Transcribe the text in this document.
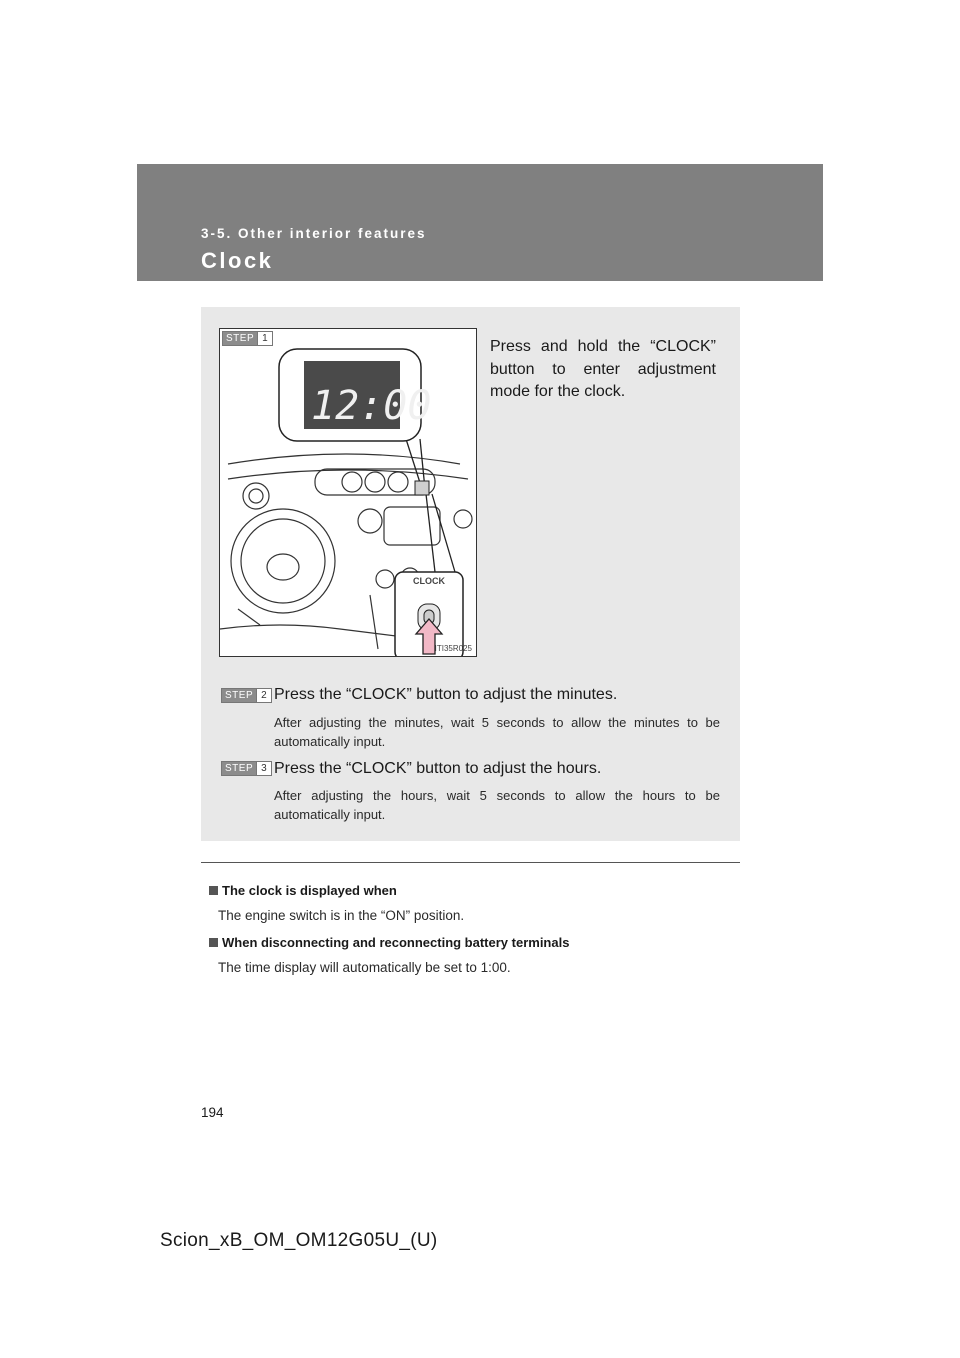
3-5. Other interior features
Clock
STEP 1
12:00
CLOCK
ITI35R025
Press and hold the “CLOCK” button to enter adjustment mode for the clock.
STEP 2 Press the “CLOCK” button to adjust the minutes.
After adjusting the minutes, wait 5 seconds to allow the minutes to be automatically input.
STEP 3 Press the “CLOCK” button to adjust the hours.
After adjusting the hours, wait 5 seconds to allow the hours to be automatically input.
The clock is displayed when
The engine switch is in the “ON” position.
When disconnecting and reconnecting battery terminals
The time display will automatically be set to 1:00.
194
Scion_xB_OM_OM12G05U_(U)
